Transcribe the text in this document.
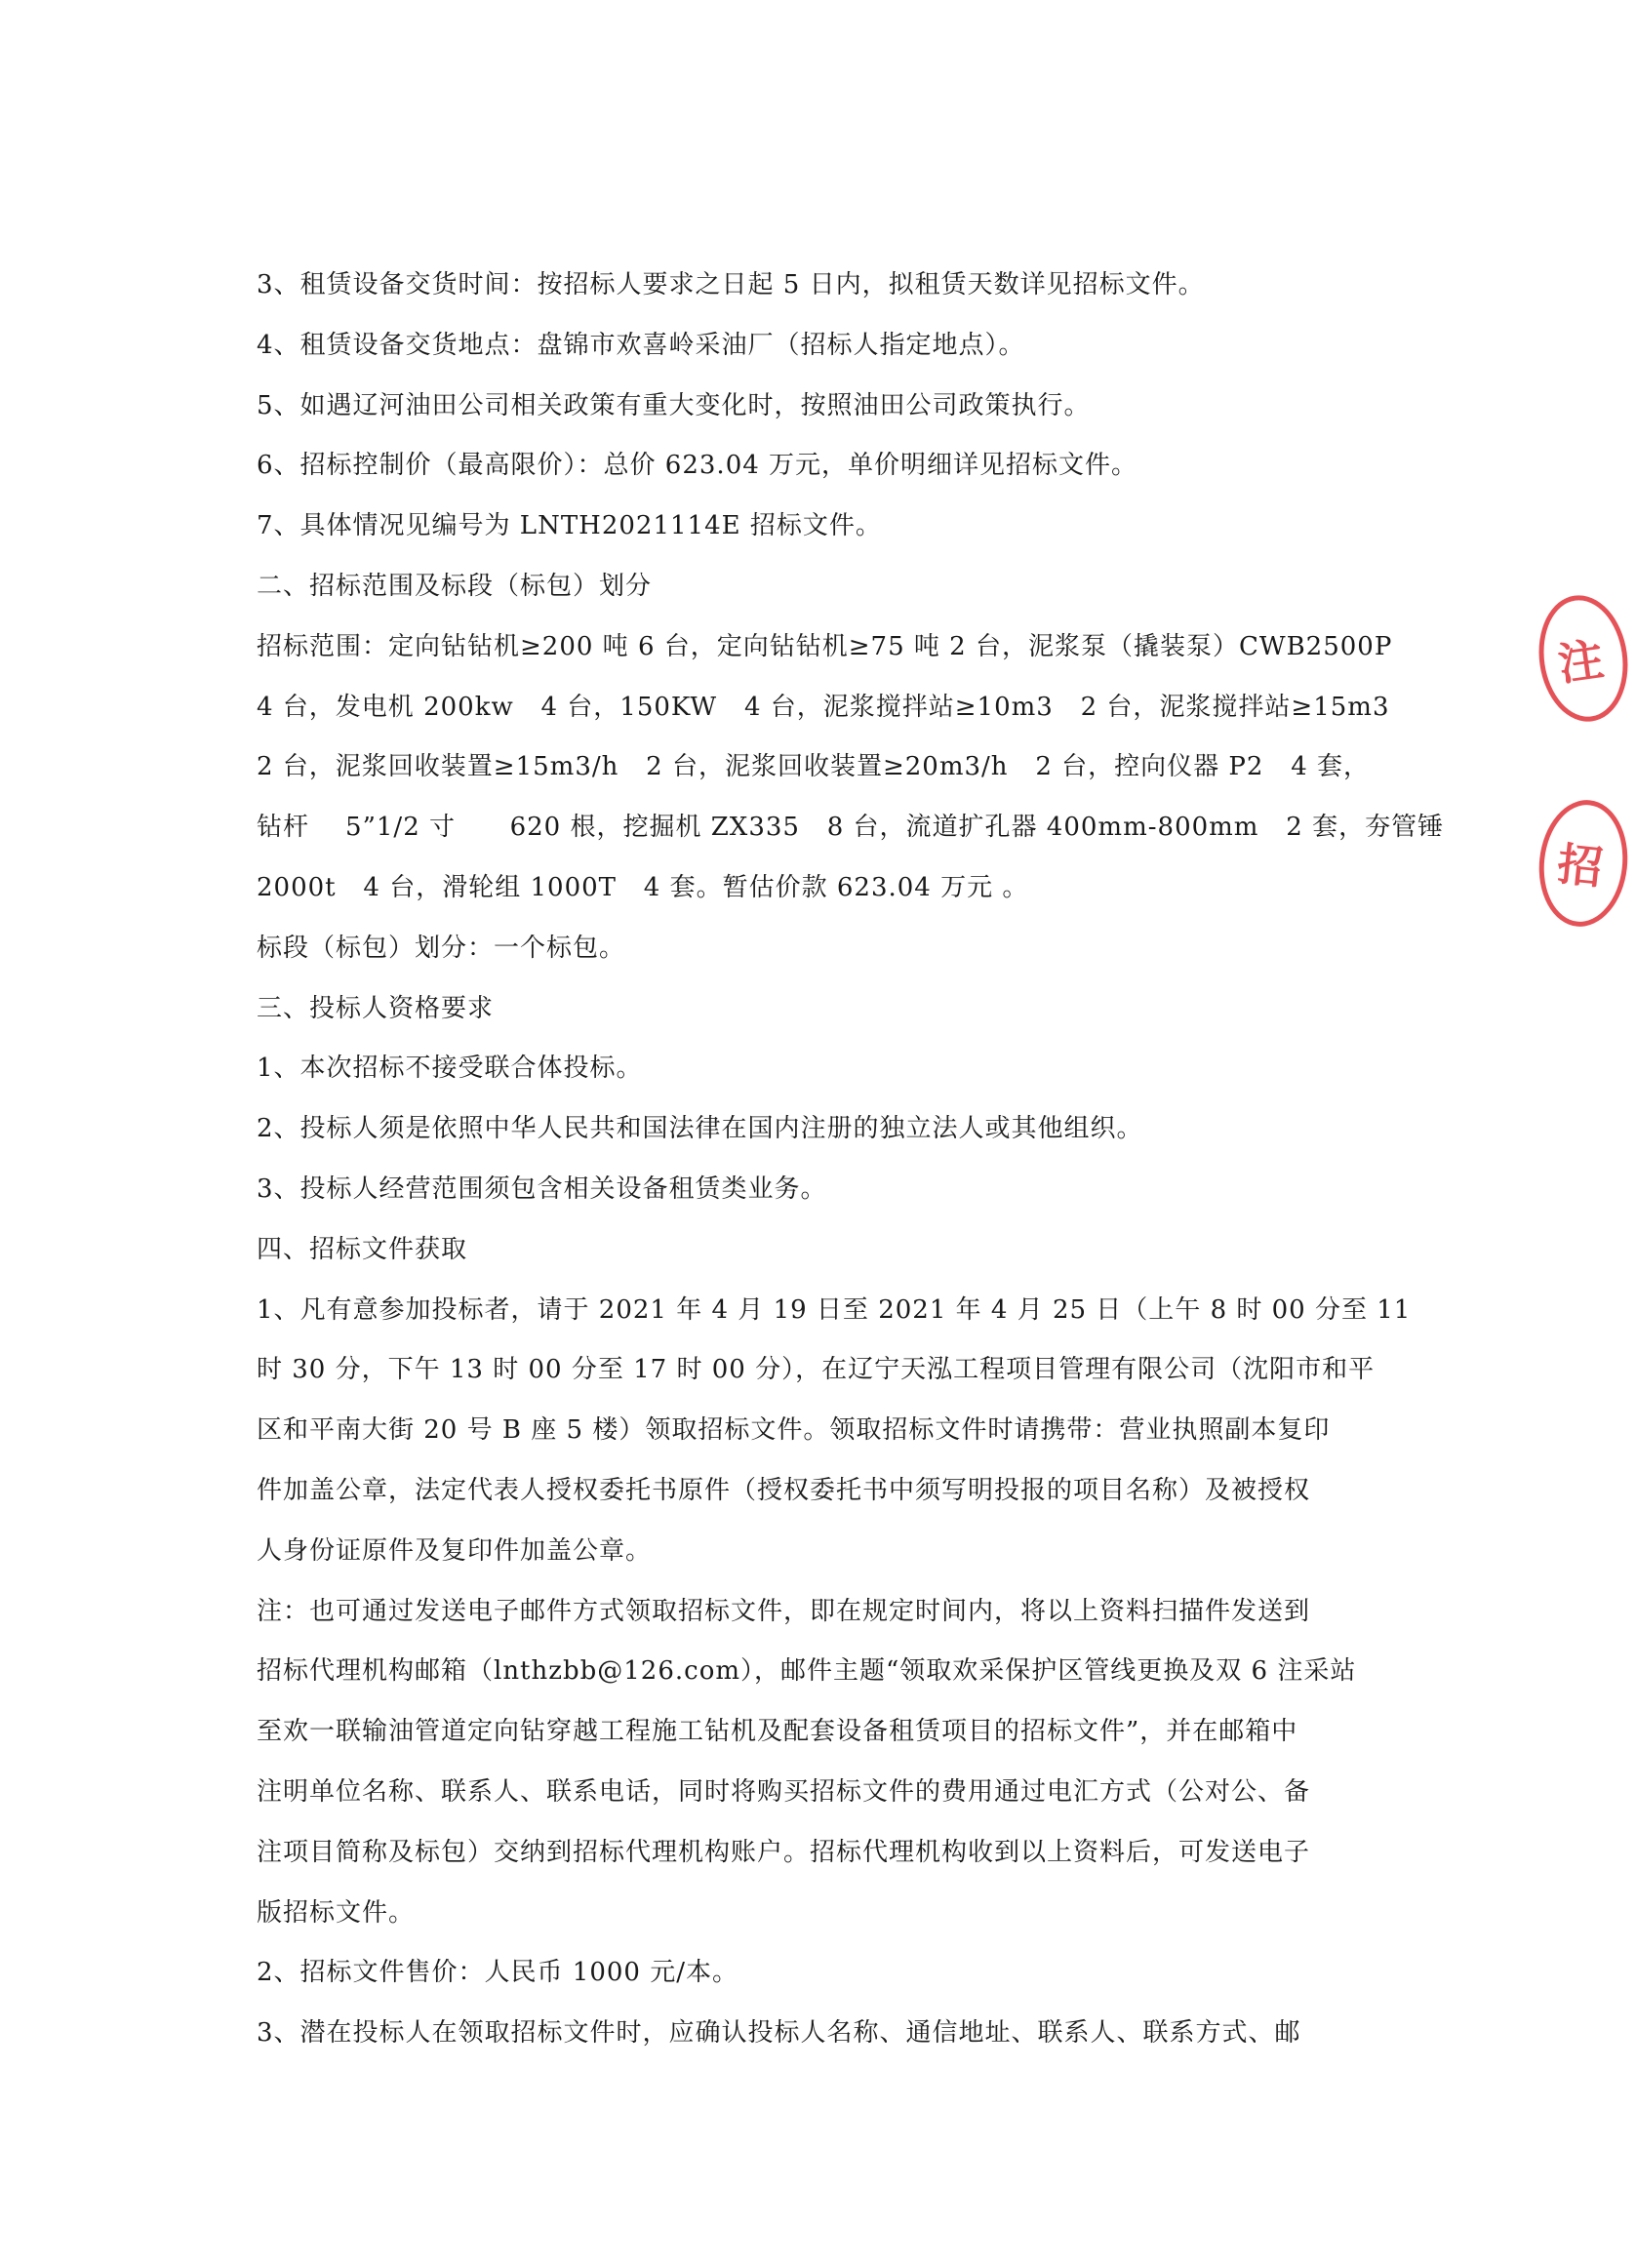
3、租赁设备交货时间：按招标人要求之日起 5 日内，拟租赁天数详见招标文件。
4、租赁设备交货地点：盘锦市欢喜岭采油厂（招标人指定地点）。
5、如遇辽河油田公司相关政策有重大变化时，按照油田公司政策执行。
6、招标控制价（最高限价）：总价 623.04 万元，单价明细详见招标文件。
7、具体情况见编号为 LNTH2021114E 招标文件。
二、招标范围及标段（标包）划分
招标范围：定向钻钻机≥200 吨 6 台，定向钻钻机≥75 吨 2 台，泥浆泵（撬装泵）CWB2500P
4 台，发电机 200kw   4 台，150KW   4 台，泥浆搅拌站≥10m3   2 台，泥浆搅拌站≥15m3
2 台，泥浆回收装置≥15m3/h   2 台，泥浆回收装置≥20m3/h   2 台，控向仪器 P2   4 套，
钻杆    5”1/2 寸      620 根，挖掘机 ZX335   8 台，流道扩孔器 400mm-800mm   2 套，夯管锤
2000t   4 台，滑轮组 1000T   4 套。暂估价款 623.04 万元 。
标段（标包）划分：一个标包。
三、投标人资格要求
1、本次招标不接受联合体投标。
2、投标人须是依照中华人民共和国法律在国内注册的独立法人或其他组织。
3、投标人经营范围须包含相关设备租赁类业务。
四、招标文件获取
1、凡有意参加投标者，请于 2021 年 4 月 19 日至 2021 年 4 月 25 日（上午 8 时 00 分至 11
时 30 分，下午 13 时 00 分至 17 时 00 分），在辽宁天泓工程项目管理有限公司（沈阳市和平
区和平南大街 20 号 B 座 5 楼）领取招标文件。领取招标文件时请携带：营业执照副本复印
件加盖公章，法定代表人授权委托书原件（授权委托书中须写明投报的项目名称）及被授权
人身份证原件及复印件加盖公章。
注：也可通过发送电子邮件方式领取招标文件，即在规定时间内，将以上资料扫描件发送到
招标代理机构邮箱（lnthzbb@126.com），邮件主题“领取欢采保护区管线更换及双 6 注采站
至欢一联输油管道定向钻穿越工程施工钻机及配套设备租赁项目的招标文件”，并在邮箱中
注明单位名称、联系人、联系电话，同时将购买招标文件的费用通过电汇方式（公对公、备
注项目简称及标包）交纳到招标代理机构账户。招标代理机构收到以上资料后，可发送电子
版招标文件。
2、招标文件售价：人民币 1000 元/本。
3、潜在投标人在领取招标文件时，应确认投标人名称、通信地址、联系人、联系方式、邮
注
招
